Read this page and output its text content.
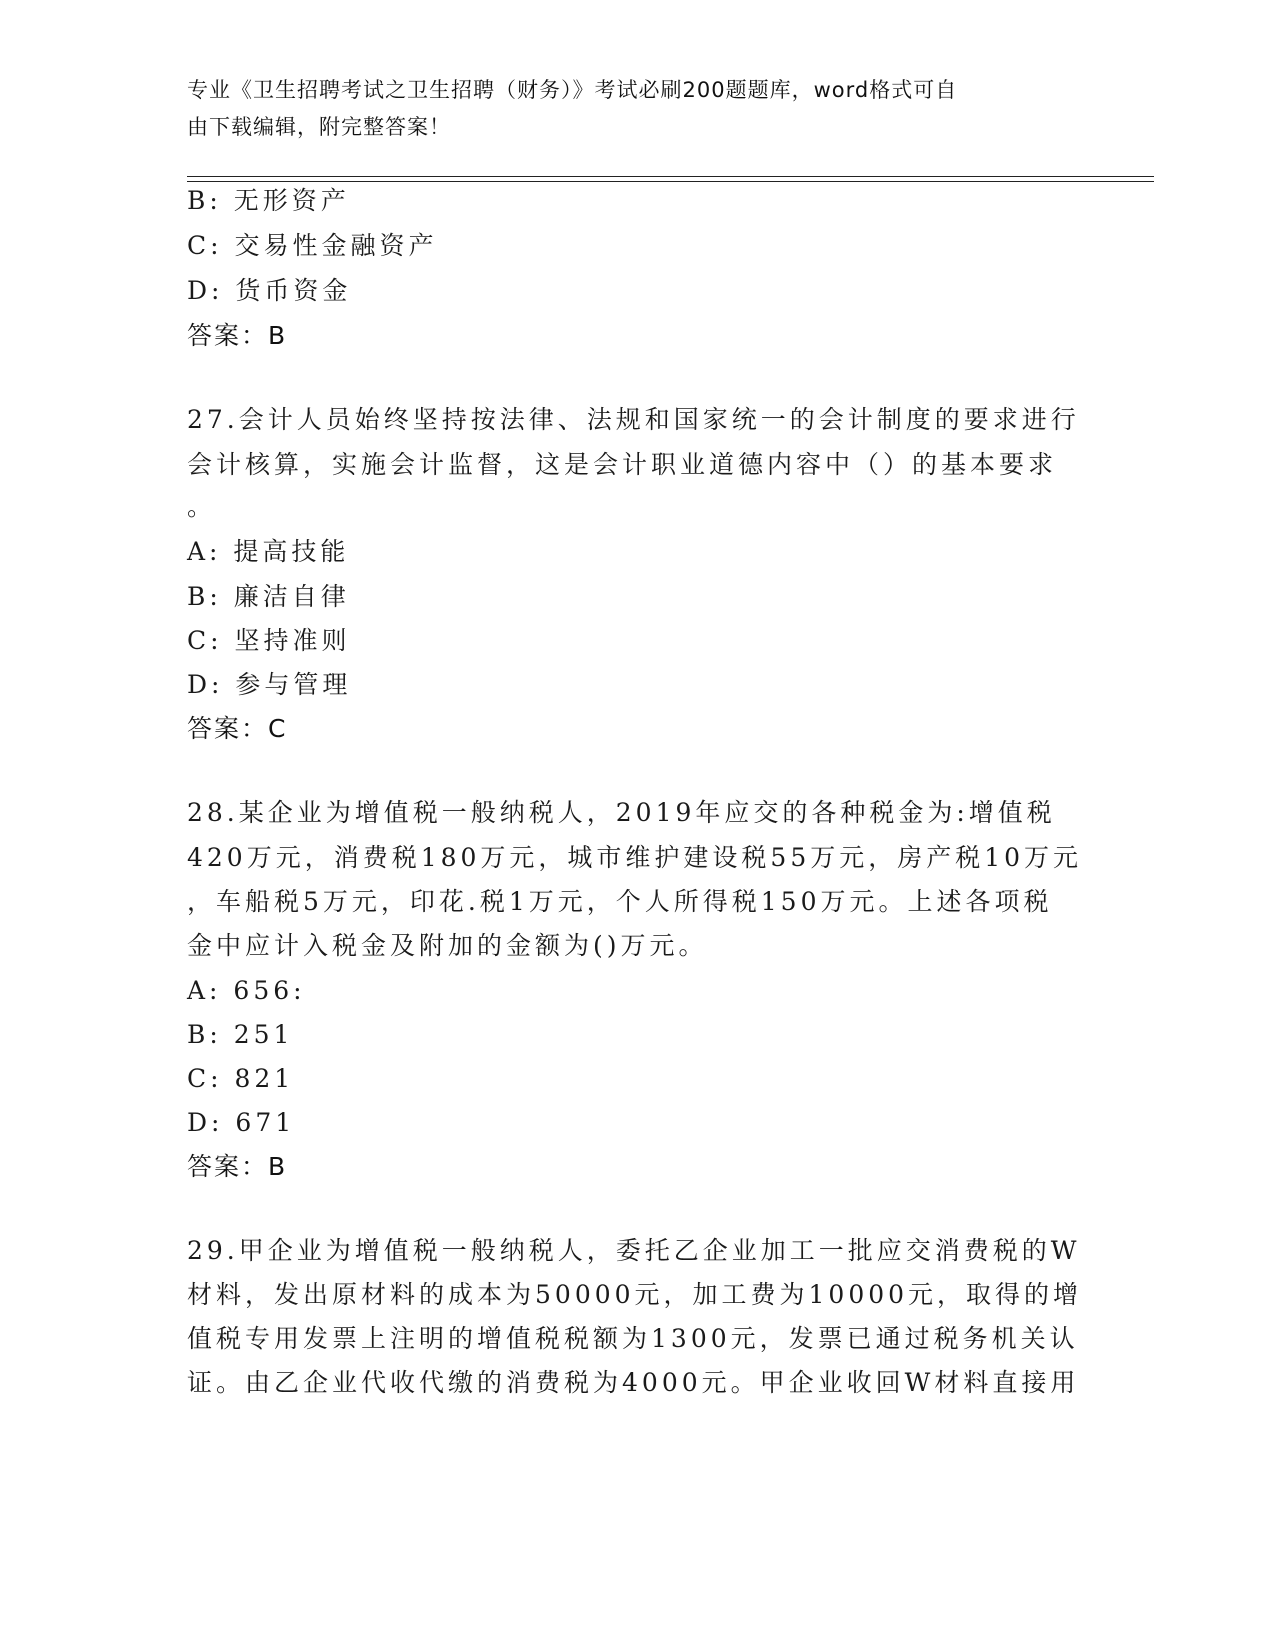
专业《卫生招聘考试之卫生招聘（财务）》考试必刷200题题库，word格式可自
由下载编辑，附完整答案！
B: 无形资产
C: 交易性金融资产
D: 货币资金
答案：B
27.会计人员始终坚持按法律、法规和国家统一的会计制度的要求进行
会计核算，实施会计监督，这是会计职业道德内容中（）的基本要求
。
A: 提高技能
B: 廉洁自律
C: 坚持准则
D: 参与管理
答案：C
28.某企业为增值税一般纳税人，2019年应交的各种税金为:增值税
420万元，消费税180万元，城市维护建设税55万元，房产税10万元
，车船税5万元，印花.税1万元，个人所得税150万元。上述各项税
金中应计入税金及附加的金额为()万元。
A: 656:
B: 251
C: 821
D: 671
答案：B
29.甲企业为增值税一般纳税人，委托乙企业加工一批应交消费税的W
材料，发出原材料的成本为50000元，加工费为10000元，取得的增
值税专用发票上注明的增值税税额为1300元，发票已通过税务机关认
证。由乙企业代收代缴的消费税为4000元。甲企业收回W材料直接用
